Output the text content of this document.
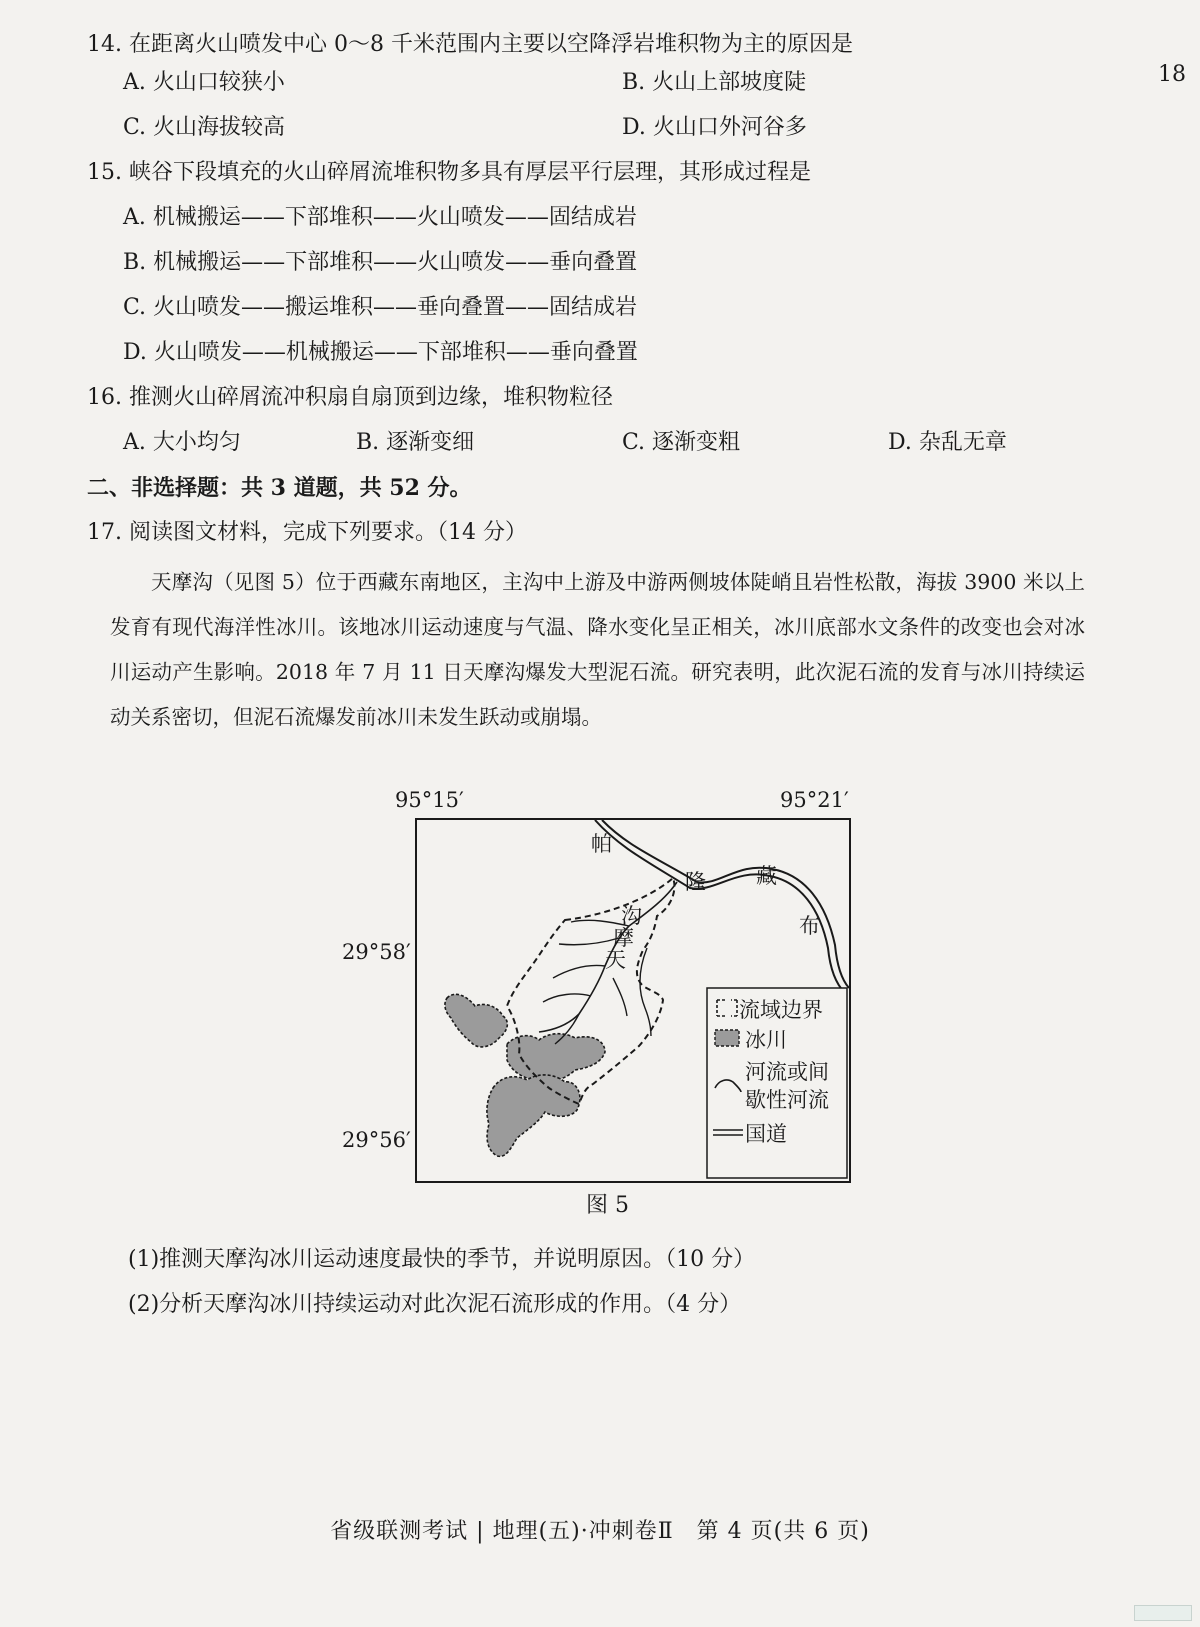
18
14. 在距离火山喷发中心 0～8 千米范围内主要以空降浮岩堆积物为主的原因是
A. 火山口较狭小	B. 火山上部坡度陡
C. 火山海拔较高	D. 火山口外河谷多
15. 峡谷下段填充的火山碎屑流堆积物多具有厚层平行层理，其形成过程是
A. 机械搬运——下部堆积——火山喷发——固结成岩
B. 机械搬运——下部堆积——火山喷发——垂向叠置
C. 火山喷发——搬运堆积——垂向叠置——固结成岩
D. 火山喷发——机械搬运——下部堆积——垂向叠置
16. 推测火山碎屑流冲积扇自扇顶到边缘，堆积物粒径
A. 大小均匀	B. 逐渐变细	C. 逐渐变粗	D. 杂乱无章
二、非选择题：共 3 道题，共 52 分。
17. 阅读图文材料，完成下列要求。（14 分）
天摩沟（见图 5）位于西藏东南地区，主沟中上游及中游两侧坡体陡峭且岩性松散，海拔 3900 米以上发育有现代海洋性冰川。该地冰川运动速度与气温、降水变化呈正相关，冰川底部水文条件的改变也会对冰川运动产生影响。2018 年 7 月 11 日天摩沟爆发大型泥石流。研究表明，此次泥石流的发育与冰川持续运动关系密切，但泥石流爆发前冰川未发生跃动或崩塌。
95°15′	95°21′
29°58′
29°56′
帕
隆 藏
布
沟
摩
天
流域边界
冰川
河流或间
歇性河流
国道
图 5
(1)推测天摩沟冰川运动速度最快的季节，并说明原因。（10 分）
(2)分析天摩沟冰川持续运动对此次泥石流形成的作用。（4 分）
省级联测考试 | 地理(五)·冲刺卷Ⅱ　第 4 页(共 6 页)
